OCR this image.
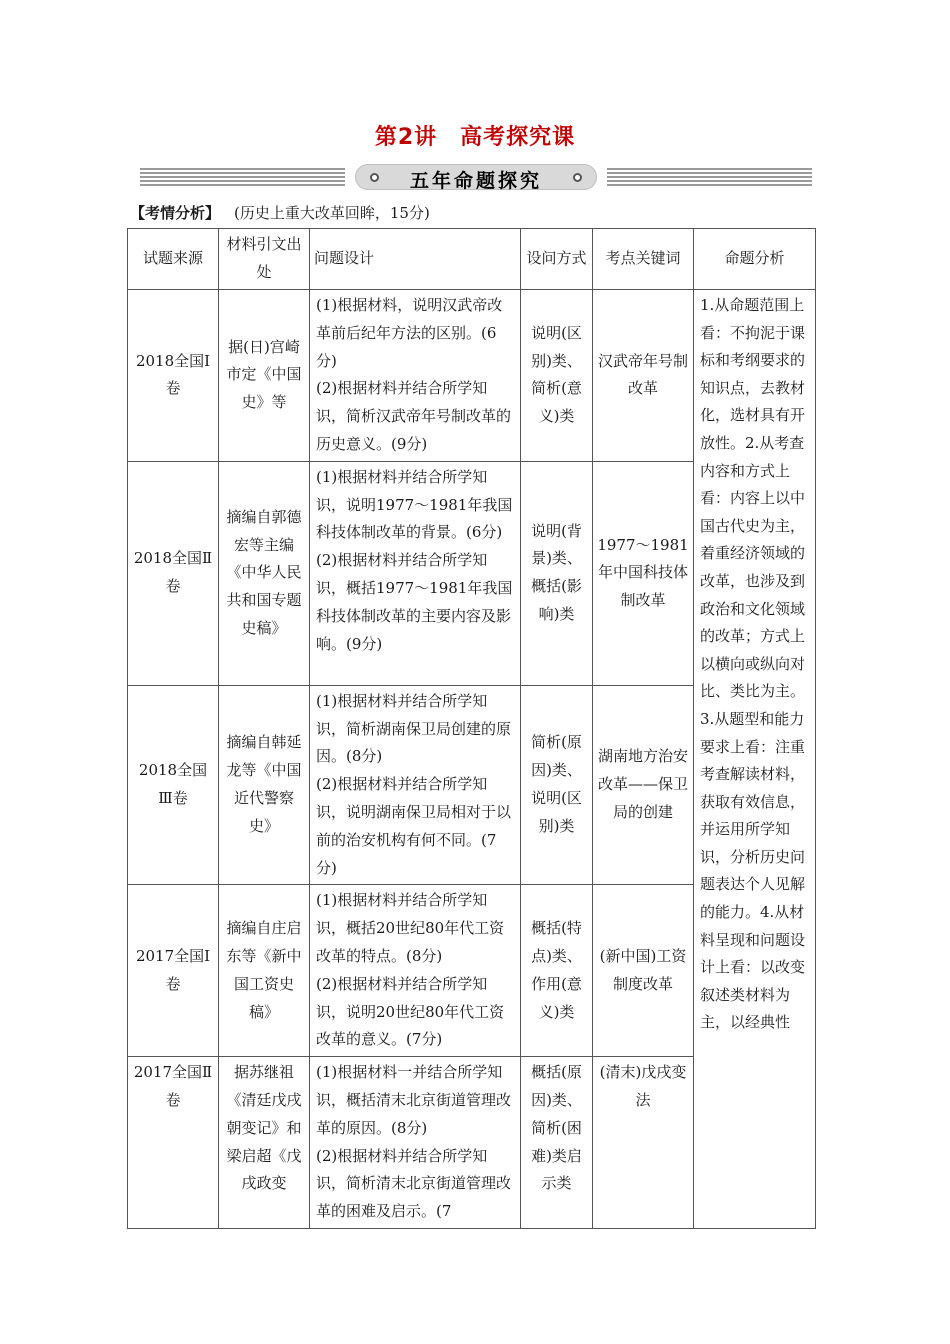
第2讲　高考探究课
五年命题探究
【考情分析】 (历史上重大改革回眸，15分)
试题来源	材料引文出处	问题设计	设问方式	考点关键词	命题分析
2018全国Ⅰ卷	据(日)宫崎市定《中国史》等	(1)根据材料，说明汉武帝改革前后纪年方法的区别。(6分)
(2)根据材料并结合所学知识，简析汉武帝年号制改革的历史意义。(9分)	说明(区别)类、简析(意义)类	汉武帝年号制改革	1.从命题范围上看：不拘泥于课标和考纲要求的知识点，去教材化，选材具有开放性。2.从考查内容和方式上看：内容上以中国古代史为主，着重经济领域的改革，也涉及到政治和文化领域的改革；方式上以横向或纵向对比、类比为主。3.从题型和能力要求上看：注重考查解读材料，获取有效信息，并运用所学知识，分析历史问题表达个人见解的能力。4.从材料呈现和问题设计上看：以改变叙述类材料为主，以经典性
2018全国Ⅱ卷	摘编自郭德宏等主编《中华人民共和国专题史稿》	(1)根据材料并结合所学知识，说明1977～1981年我国科技体制改革的背景。(6分)
(2)根据材料并结合所学知识，概括1977～1981年我国科技体制改革的主要内容及影响。(9分)	说明(背景)类、概括(影响)类	1977～1981年中国科技体制改革	
2018全国Ⅲ卷	摘编自韩延龙等《中国近代警察史》	(1)根据材料并结合所学知识，简析湖南保卫局创建的原因。(8分)
(2)根据材料并结合所学知识，说明湖南保卫局相对于以前的治安机构有何不同。(7分)	简析(原因)类、说明(区别)类	湖南地方治安改革——保卫局的创建	
2017全国Ⅰ卷	摘编自庄启东等《新中国工资史稿》	(1)根据材料并结合所学知识，概括20世纪80年代工资改革的特点。(8分)
(2)根据材料并结合所学知识，说明20世纪80年代工资改革的意义。(7分)	概括(特点)类、作用(意义)类	(新中国)工资制度改革	
2017全国Ⅱ卷	据苏继祖《清廷戊戌朝变记》和梁启超《戊戌政变	(1)根据材料一并结合所学知识，概括清末北京街道管理改革的原因。(8分)
(2)根据材料并结合所学知识，简析清末北京街道管理改革的困难及启示。(7	概括(原因)类、简析(困难)类启示类	(清末)戊戌变法	
